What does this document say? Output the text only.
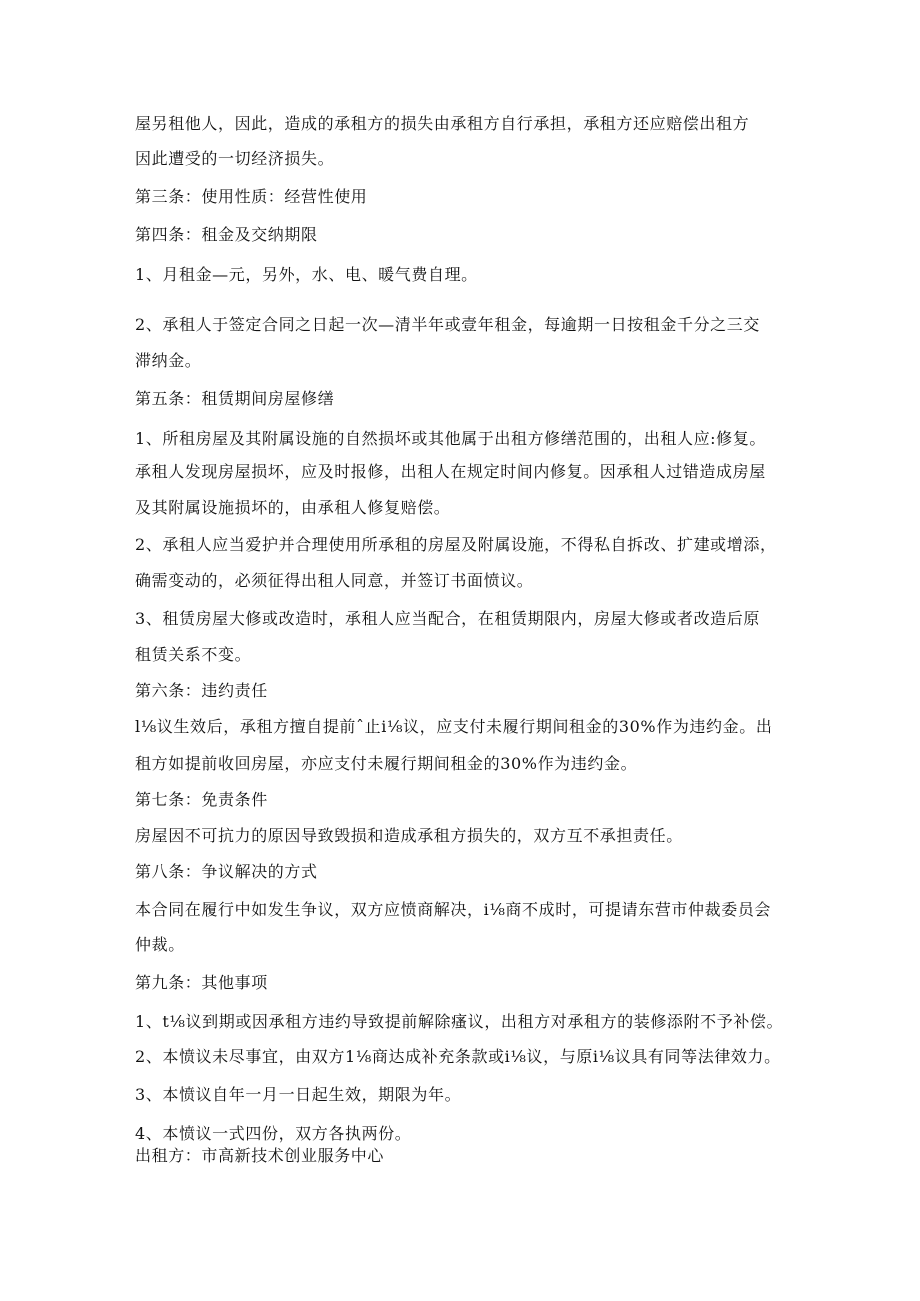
屋另租他人，因此，造成的承租方的损失由承租方自行承担，承租方还应赔偿出租方
因此遭受的一切经济损失。
第三条：使用性质：经营性使用
第四条：租金及交纳期限
1、月租金—元，另外，水、电、暖气费自理。
2、承租人于签定合同之日起一次—清半年或壹年租金，每逾期一日按租金千分之三交
滞纳金。
第五条：租赁期间房屋修缮
1、所租房屋及其附属设施的自然损坏或其他属于出租方修缮范围的，出租人应:修复。
承租人发现房屋损坏，应及时报修，出租人在规定时间内修复。因承租人过错造成房屋
及其附属设施损坏的，由承租人修复赔偿。
2、承租人应当爱护并合理使用所承租的房屋及附属设施，不得私自拆改、扩建或增添，
确需变动的，必须征得出租人同意，并签订书面愤议。
3、租赁房屋大修或改造时，承租人应当配合，在租赁期限内，房屋大修或者改造后原
租赁关系不变。
第六条：违约责任
l⅛议生效后，承租方擅自提前ˆ止i⅛议，应支付未履行期间租金的30%作为违约金。出
租方如提前收回房屋，亦应支付未履行期间租金的30%作为违约金。
第七条：免责条件
房屋因不可抗力的原因导致毁损和造成承租方损失的，双方互不承担责任。
第八条：争议解决的方式
本合同在履行中如发生争议，双方应愤商解决，i⅛商不成时，可提请东营市仲裁委员会
仲裁。
第九条：其他事项
1、t⅛议到期或因承租方违约导致提前解除瘙议，出租方对承租方的装修添附不予补偿。
2、本愤议未尽事宜，由双方1⅛商达成补充条款或i⅛议，与原i⅛议具有同等法律效力。
3、本愤议自年一月一日起生效，期限为年。
4、本愤议一式四份，双方各执两份。
出租方：市高新技术创业服务中心
